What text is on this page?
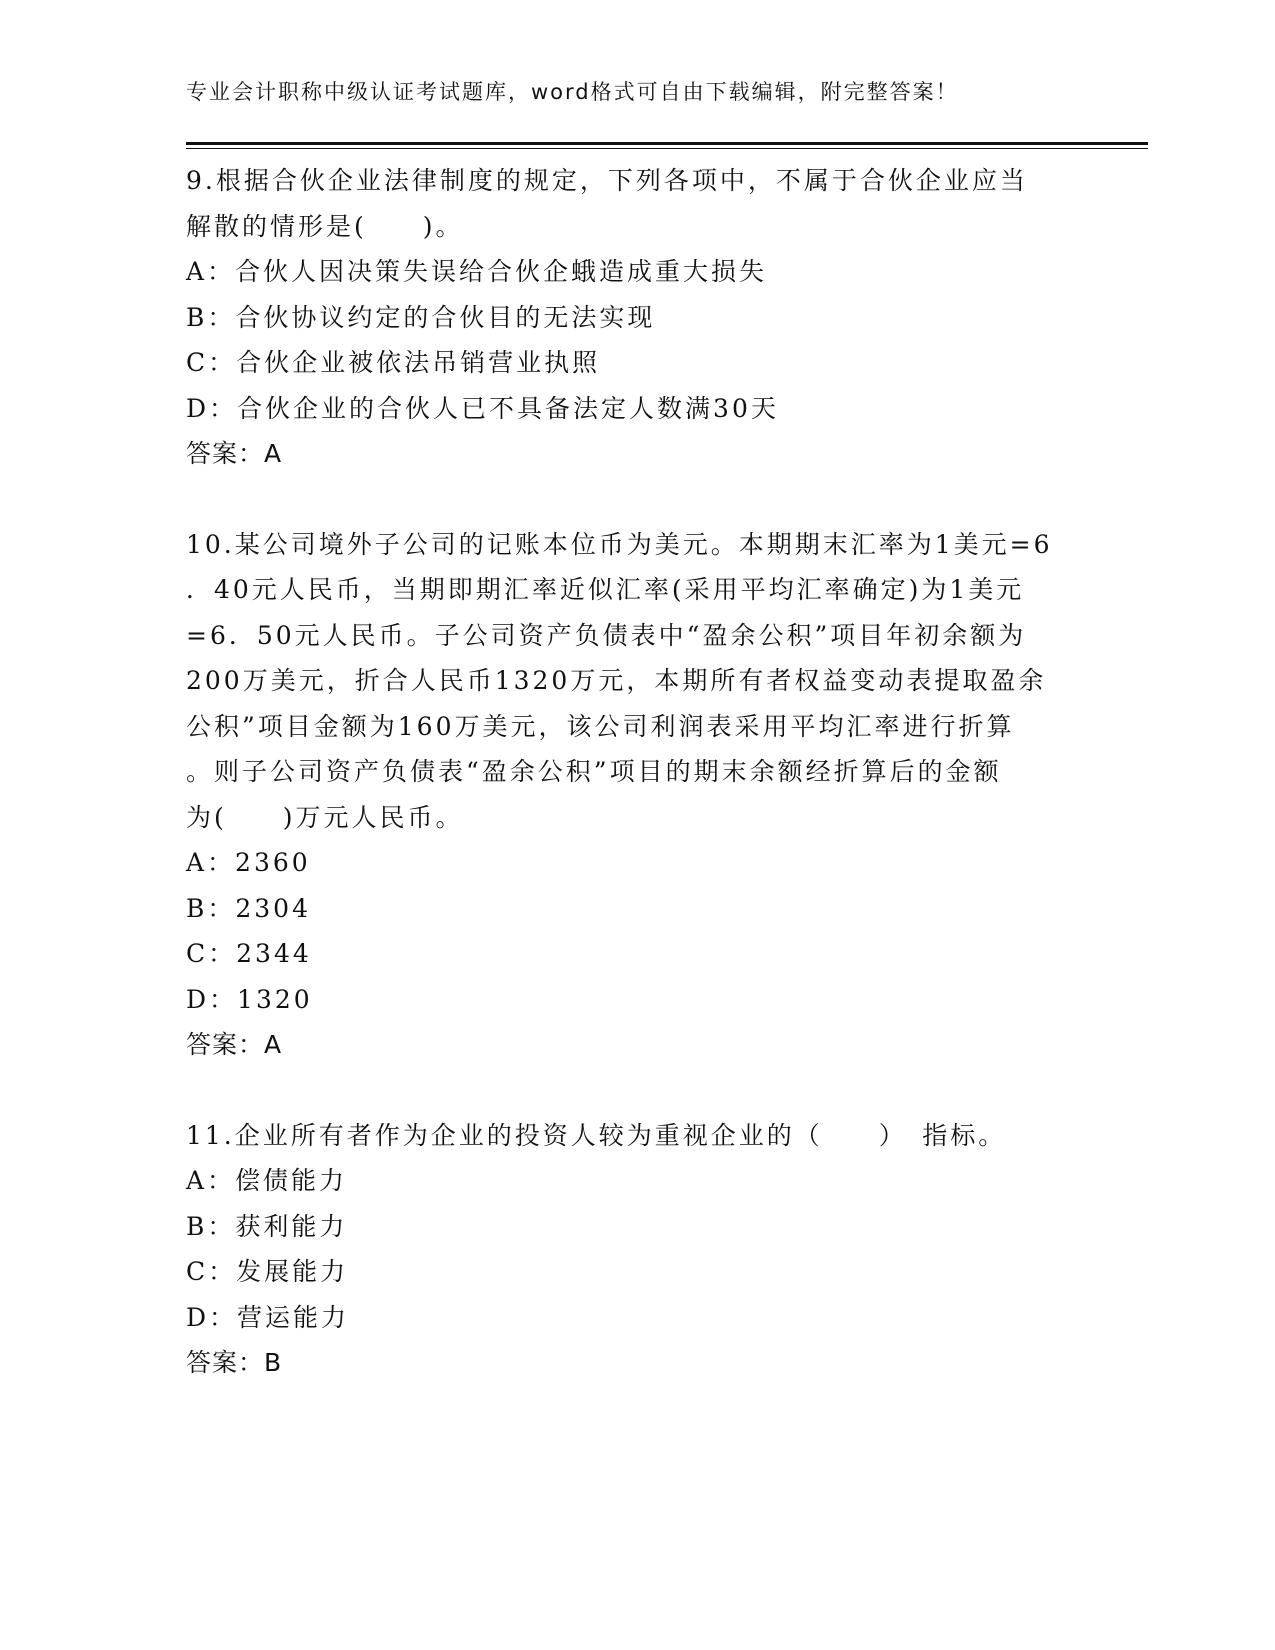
专业会计职称中级认证考试题库，word格式可自由下载编辑，附完整答案！
9.根据合伙企业法律制度的规定，下列各项中，不属于合伙企业应当
解散的情形是(　　)。
A：合伙人因决策失误给合伙企蛾造成重大损失
B：合伙协议约定的合伙目的无法实现
C：合伙企业被依法吊销营业执照
D：合伙企业的合伙人已不具备法定人数满30天
答案：A
10.某公司境外子公司的记账本位币为美元。本期期末汇率为1美元=6
．40元人民币，当期即期汇率近似汇率(采用平均汇率确定)为1美元
=6．50元人民币。子公司资产负债表中“盈余公积”项目年初余额为
200万美元，折合人民币1320万元，本期所有者权益变动表提取盈余
公积”项目金额为160万美元，该公司利润表采用平均汇率进行折算
。则子公司资产负债表“盈余公积”项目的期末余额经折算后的金额
为(　　)万元人民币。
A：2360
B：2304
C：2344
D：1320
答案：A
11.企业所有者作为企业的投资人较为重视企业的（　　）　指标。
A：偿债能力
B：获利能力
C：发展能力
D：营运能力
答案：B
